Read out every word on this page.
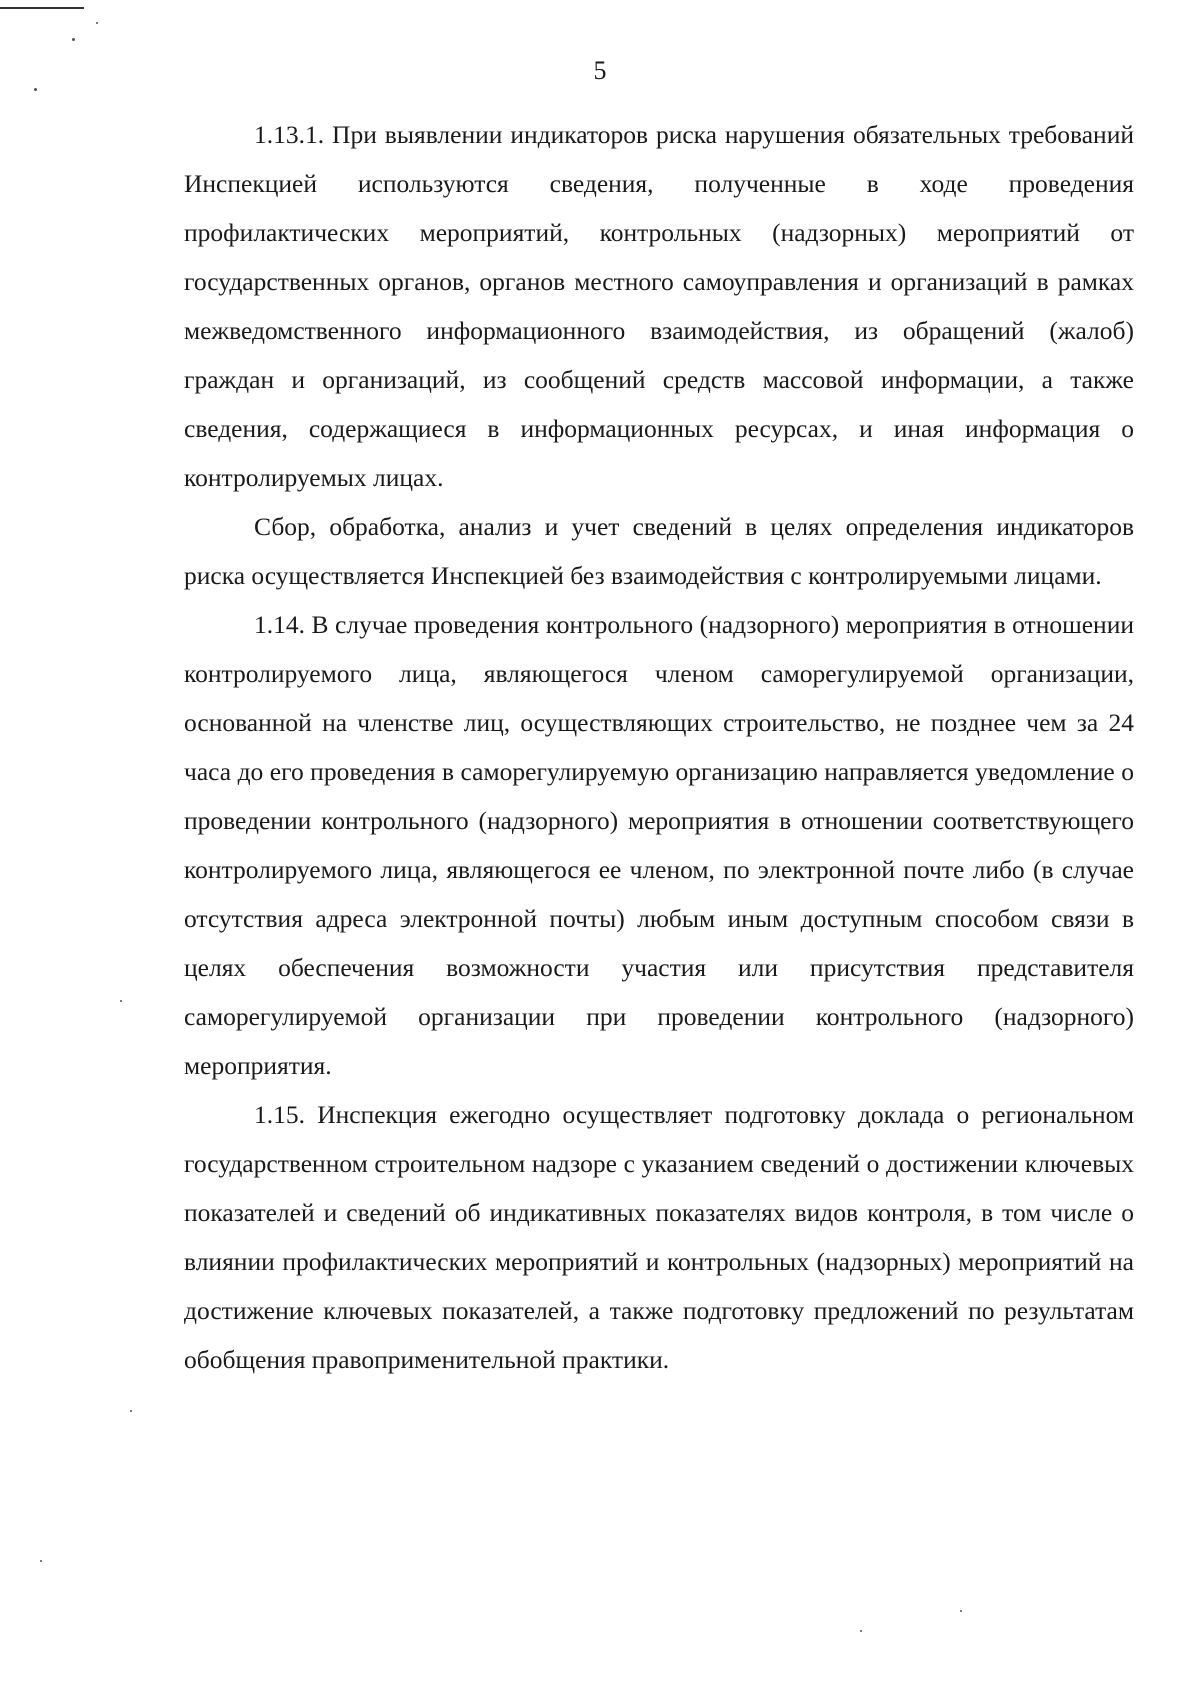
5

1.13.1. При выявлении индикаторов риска нарушения обязательных требований Инспекцией используются сведения, полученные в ходе проведения профилактических мероприятий, контрольных (надзорных) мероприятий от государственных органов, органов местного самоуправления и организаций в рамках межведомственного информационного взаимодействия, из обращений (жалоб) граждан и организаций, из сообщений средств массовой информации, а также сведения, содержащиеся в информационных ресурсах, и иная информация о контролируемых лицах.

Сбор, обработка, анализ и учет сведений в целях определения индикаторов риска осуществляется Инспекцией без взаимодействия с контролируемыми лицами.

1.14. В случае проведения контрольного (надзорного) мероприятия в отношении контролируемого лица, являющегося членом саморегулируемой организации, основанной на членстве лиц, осуществляющих строительство, не позднее чем за 24 часа до его проведения в саморегулируемую организацию направляется уведомление о проведении контрольного (надзорного) мероприятия в отношении соответствующего контролируемого лица, являющегося ее членом, по электронной почте либо (в случае отсутствия адреса электронной почты) любым иным доступным способом связи в целях обеспечения возможности участия или присутствия представителя саморегулируемой организации при проведении контрольного (надзорного) мероприятия.

1.15. Инспекция ежегодно осуществляет подготовку доклада о региональном государственном строительном надзоре с указанием сведений о достижении ключевых показателей и сведений об индикативных показателях видов контроля, в том числе о влиянии профилактических мероприятий и контрольных (надзорных) мероприятий на достижение ключевых показателей, а также подготовку предложений по результатам обобщения правоприменительной практики.
